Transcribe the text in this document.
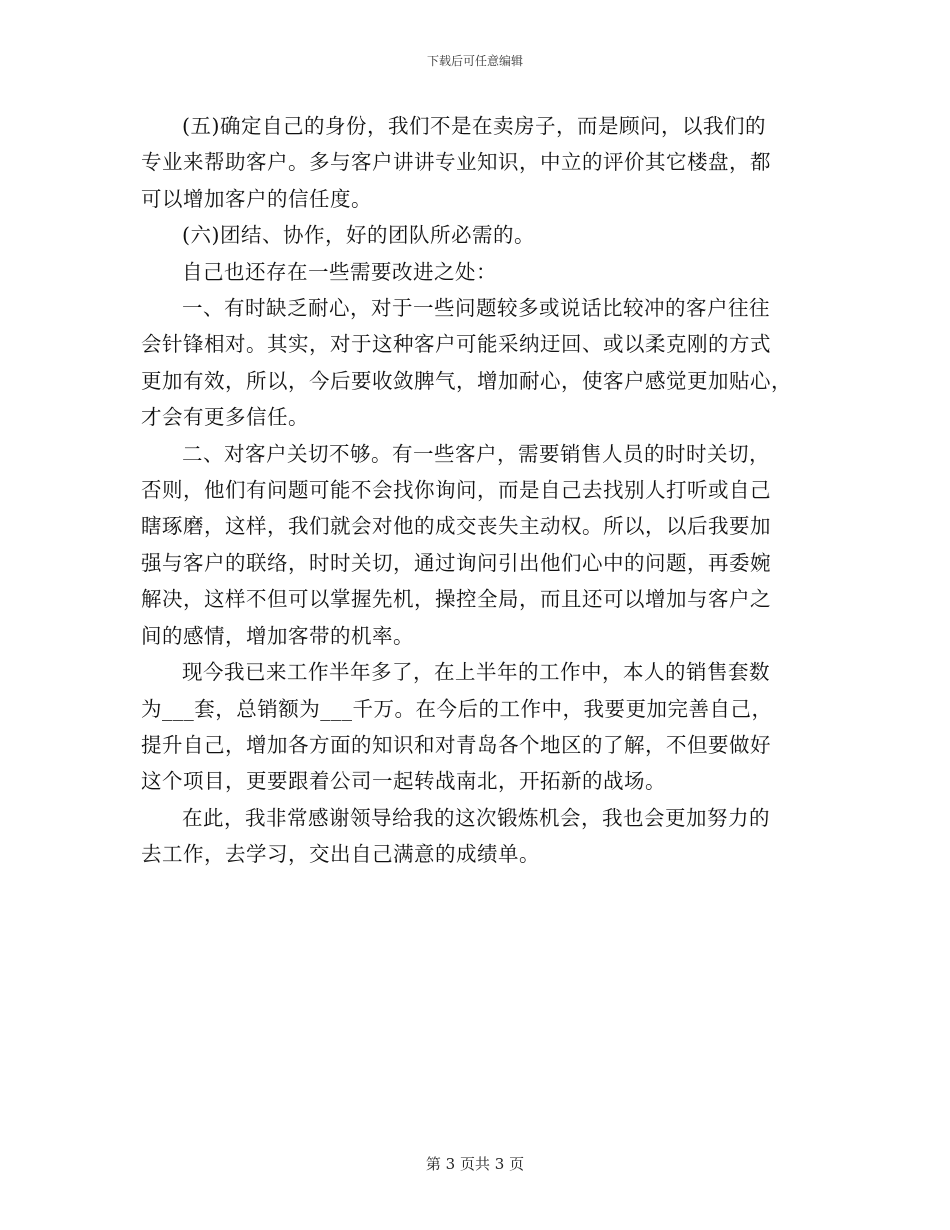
下载后可任意编辑

(五)确定自己的身份，我们不是在卖房子，而是顾问，以我们的
专业来帮助客户。多与客户讲讲专业知识，中立的评价其它楼盘，都
可以增加客户的信任度。

(六)团结、协作，好的团队所必需的。

自己也还存在一些需要改进之处：

一、有时缺乏耐心，对于一些问题较多或说话比较冲的客户往往
会针锋相对。其实，对于这种客户可能采纳迂回、或以柔克刚的方式
更加有效，所以，今后要收敛脾气，增加耐心，使客户感觉更加贴心，
才会有更多信任。

二、对客户关切不够。有一些客户，需要销售人员的时时关切，
否则，他们有问题可能不会找你询问，而是自己去找别人打听或自己
瞎琢磨，这样，我们就会对他的成交丧失主动权。所以，以后我要加
强与客户的联络，时时关切，通过询问引出他们心中的问题，再委婉
解决，这样不但可以掌握先机，操控全局，而且还可以增加与客户之
间的感情，增加客带的机率。

现今我已来工作半年多了，在上半年的工作中，本人的销售套数
为___套，总销额为___千万。在今后的工作中，我要更加完善自己，
提升自己，增加各方面的知识和对青岛各个地区的了解，不但要做好
这个项目，更要跟着公司一起转战南北，开拓新的战场。

在此，我非常感谢领导给我的这次锻炼机会，我也会更加努力的
去工作，去学习，交出自己满意的成绩单。

第 3 页共 3 页
